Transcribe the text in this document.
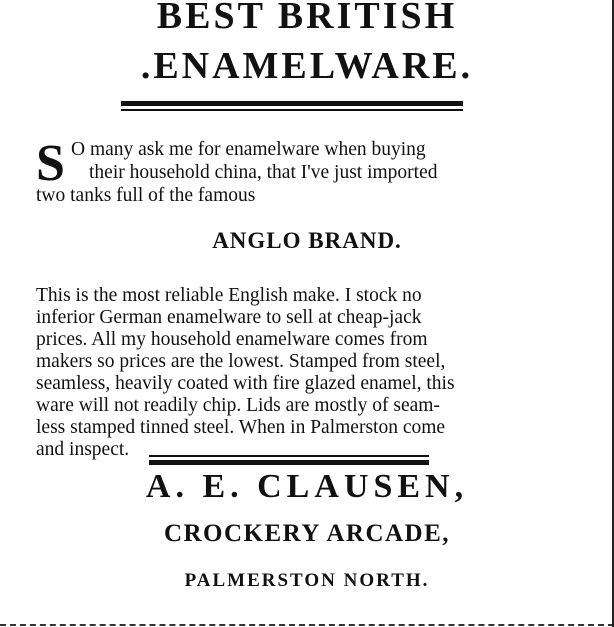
BEST BRITISH
.ENAMELWARE.
S O many ask me for enamelware when buying
their household china, that I've just imported
two tanks full of the famous
ANGLO BRAND.
This is the most reliable English make. I stock no
inferior German enamelware to sell at cheap-jack
prices. All my household enamelware comes from
makers so prices are the lowest. Stamped from steel,
seamless, heavily coated with fire glazed enamel, this
ware will not readily chip. Lids are mostly of seam-
less stamped tinned steel. When in Palmerston come
and inspect.
A. E. CLAUSEN,
CROCKERY ARCADE,
PALMERSTON NORTH.
